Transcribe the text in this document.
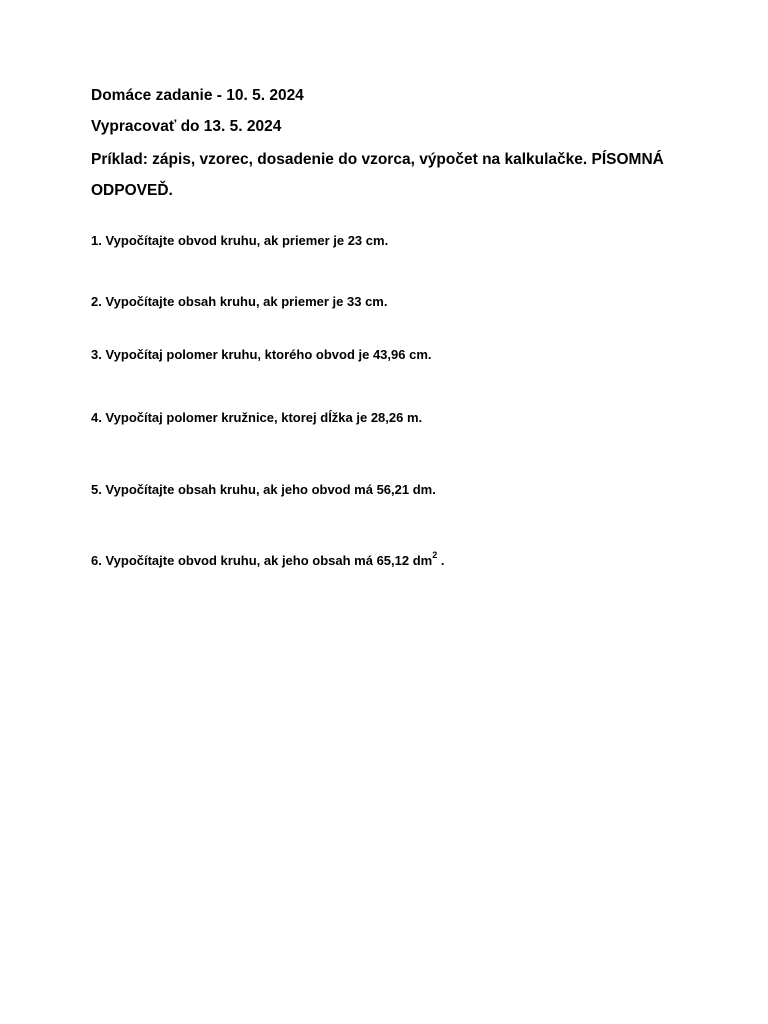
Domáce zadanie - 10. 5. 2024
Vypracovať do 13. 5. 2024
Príklad: zápis, vzorec, dosadenie do vzorca, výpočet na kalkulačke. PÍSOMNÁ
ODPOVEĎ.
1. Vypočítajte obvod kruhu, ak priemer je 23 cm.
2. Vypočítajte obsah kruhu, ak priemer je 33 cm.
3. Vypočítaj polomer kruhu, ktorého obvod je 43,96 cm.
4. Vypočítaj polomer kružnice, ktorej dĺžka je 28,26 m.
5. Vypočítajte obsah kruhu, ak jeho obvod má 56,21 dm.
6. Vypočítajte obvod kruhu, ak jeho obsah má 65,12 $dm^2$ .
